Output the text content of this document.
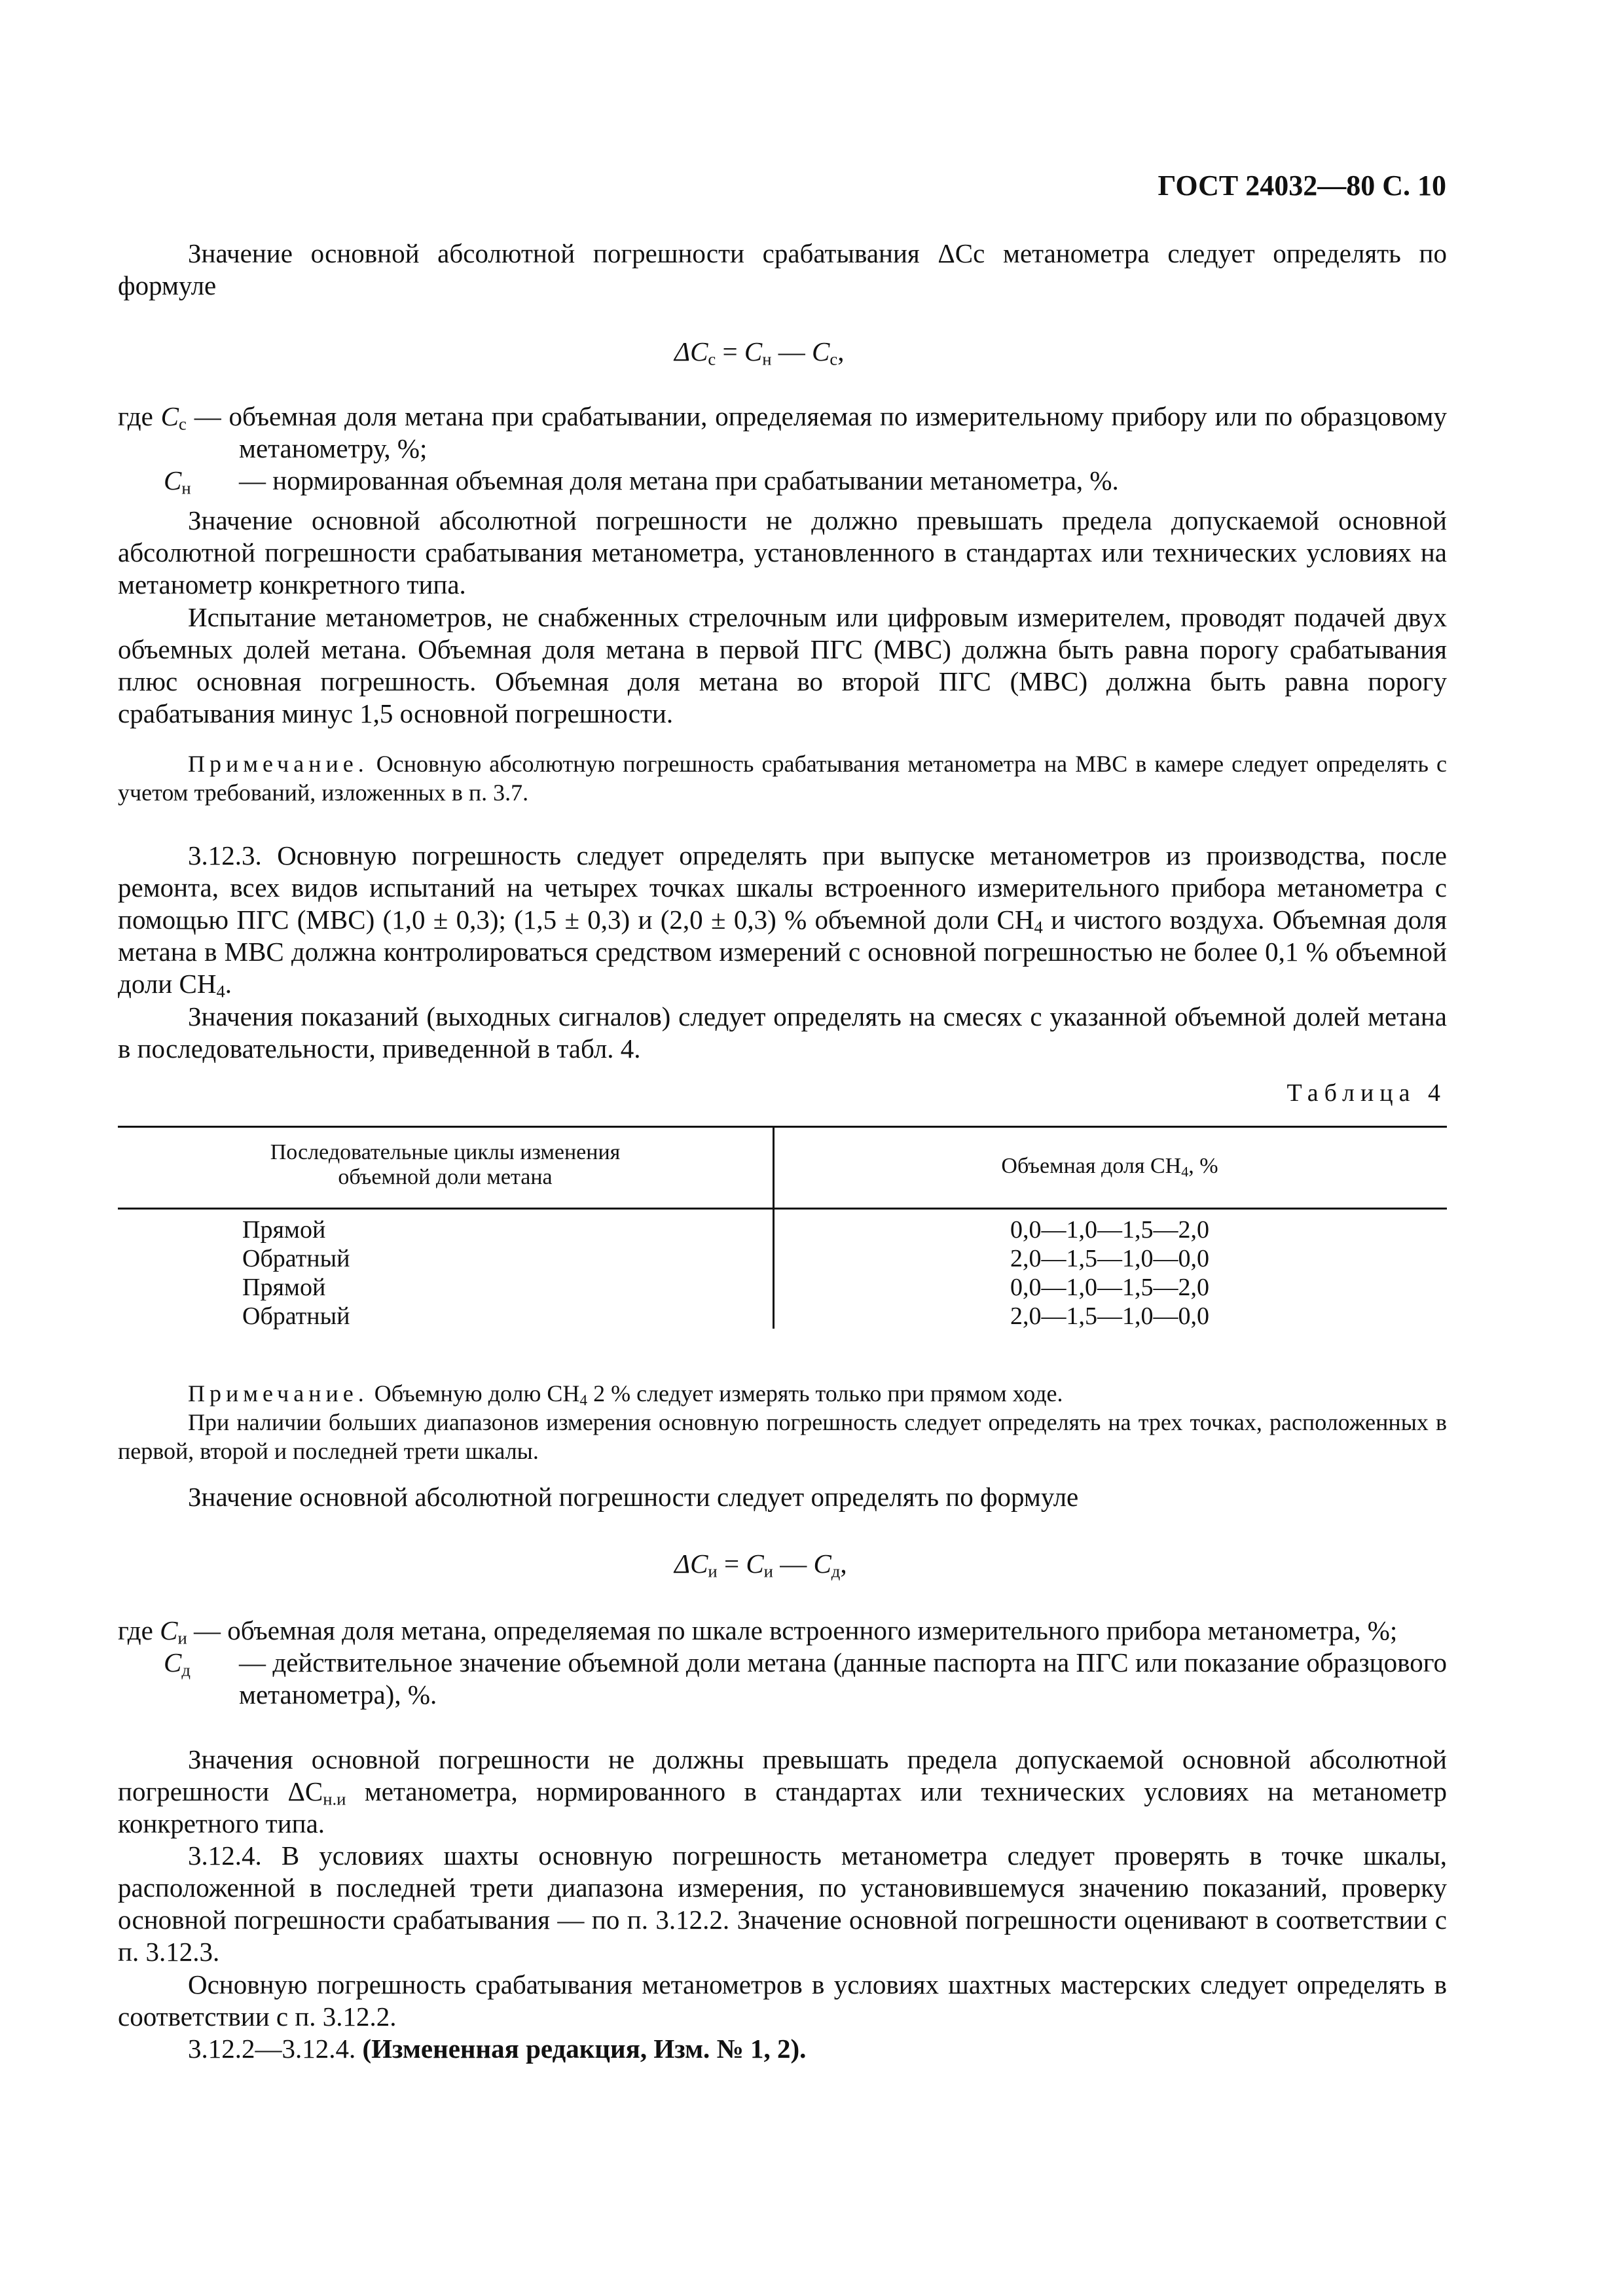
ГОСТ 24032—80 С. 10
Значение основной абсолютной погрешности срабатывания ΔCс метанометра следует определять по формуле
$\Delta C_с = C_н$ — $C_с$,
где $C_с$ — объемная доля метана при срабатывании, определяемая по измерительному прибору или по образцовому метанометру, %;
$C_н$ — нормированная объемная доля метана при срабатывании метанометра, %.
Значение основной абсолютной погрешности не должно превышать предела допускаемой основной абсолютной погрешности срабатывания метанометра, установленного в стандартах или технических условиях на метанометр конкретного типа.
Испытание метанометров, не снабженных стрелочным или цифровым измерителем, проводят подачей двух объемных долей метана. Объемная доля метана в первой ПГС (МВС) должна быть равна порогу срабатывания плюс основная погрешность. Объемная доля метана во второй ПГС (МВС) должна быть равна порогу срабатывания минус 1,5 основной погрешности.
Примечание. Основную абсолютную погрешность срабатывания метанометра на МВС в камере следует определять с учетом требований, изложенных в п. 3.7.
3.12.3. Основную погрешность следует определять при выпуске метанометров из производства, после ремонта, всех видов испытаний на четырех точках шкалы встроенного измерительного прибора метанометра с помощью ПГС (МВС) (1,0 ± 0,3); (1,5 ± 0,3) и (2,0 ± 0,3) % объемной доли $СН_4$ и чистого воздуха. Объемная доля метана в МВС должна контролироваться средством измерений с основной погрешностью не более 0,1 % объемной доли $СН_4$.
Значения показаний (выходных сигналов) следует определять на смесях с указанной объемной долей метана в последовательности, приведенной в табл. 4.
Таблица 4
Последовательные циклы изменения
объемной доли метана	Объемная доля $СН_4$, %
Прямой	0,0—1,0—1,5—2,0
Обратный	2,0—1,5—1,0—0,0
Прямой	0,0—1,0—1,5—2,0
Обратный	2,0—1,5—1,0—0,0
Примечание. Объемную долю $СН_4$ 2 % следует измерять только при прямом ходе.
При наличии больших диапазонов измерения основную погрешность следует определять на трех точках, расположенных в первой, второй и последней трети шкалы.
Значение основной абсолютной погрешности следует определять по формуле
$\Delta C_и = C_и$ — $C_д$,
где $C_и$ — объемная доля метана, определяемая по шкале встроенного измерительного прибора метанометра, %;
$C_д$ — действительное значение объемной доли метана (данные паспорта на ПГС или показание образцового метанометра), %.
Значения основной погрешности не должны превышать предела допускаемой основной абсолютной погрешности $\Delta C_{н.и}$ метанометра, нормированного в стандартах или технических условиях на метанометр конкретного типа.
3.12.4. В условиях шахты основную погрешность метанометра следует проверять в точке шкалы, расположенной в последней трети диапазона измерения, по установившемуся значению показаний, проверку основной погрешности срабатывания — по п. 3.12.2. Значение основной погрешности оценивают в соответствии с п. 3.12.3.
Основную погрешность срабатывания метанометров в условиях шахтных мастерских следует определять в соответствии с п. 3.12.2.
3.12.2—3.12.4. (Измененная редакция, Изм. № 1, 2).
